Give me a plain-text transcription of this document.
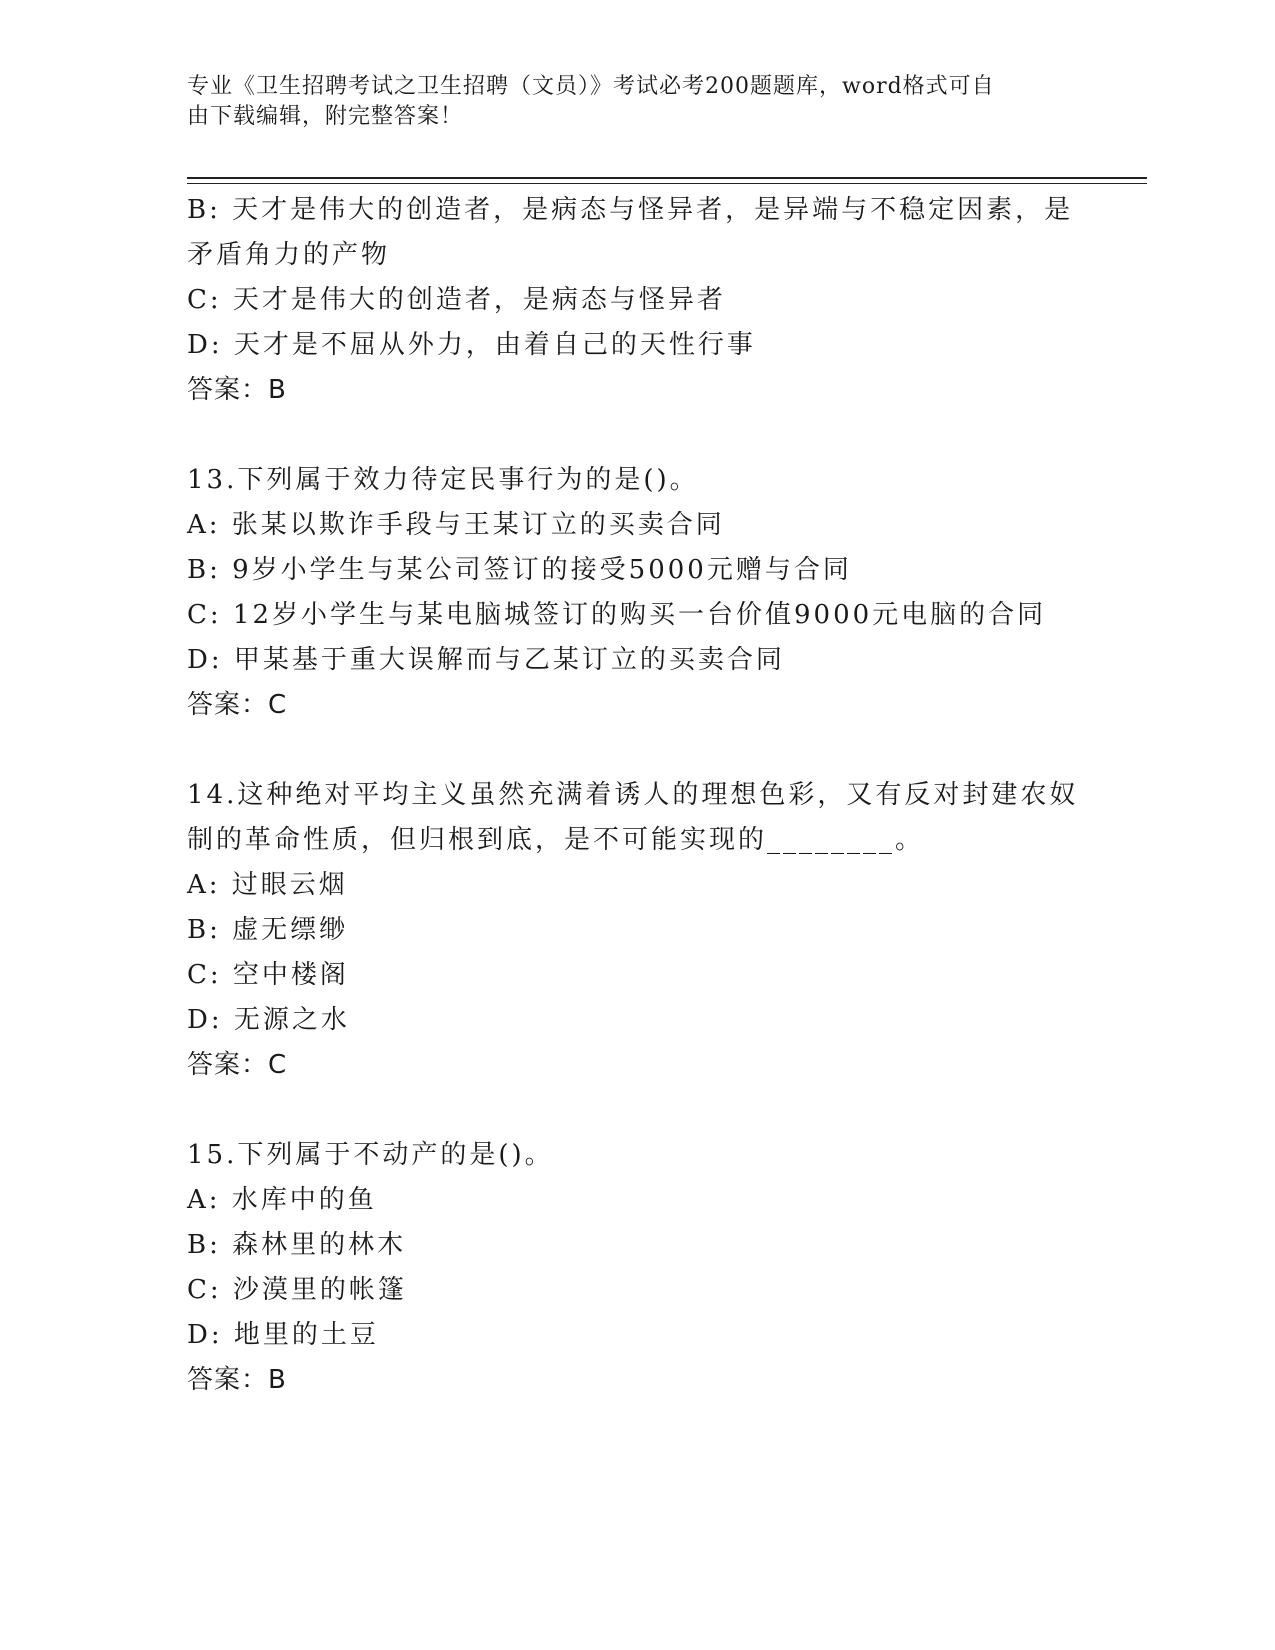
专业《卫生招聘考试之卫生招聘（文员）》考试必考200题题库，word格式可自
由下载编辑，附完整答案！
B: 天才是伟大的创造者，是病态与怪异者，是异端与不稳定因素，是
矛盾角力的产物
C: 天才是伟大的创造者，是病态与怪异者
D: 天才是不屈从外力，由着自己的天性行事
答案：B
13.下列属于效力待定民事行为的是()。
A: 张某以欺诈手段与王某订立的买卖合同
B: 9岁小学生与某公司签订的接受5000元赠与合同
C: 12岁小学生与某电脑城签订的购买一台价值9000元电脑的合同
D: 甲某基于重大误解而与乙某订立的买卖合同
答案：C
14.这种绝对平均主义虽然充满着诱人的理想色彩，又有反对封建农奴
制的革命性质，但归根到底，是不可能实现的________。
A: 过眼云烟
B: 虚无缥缈
C: 空中楼阁
D: 无源之水
答案：C
15.下列属于不动产的是()。
A: 水库中的鱼
B: 森林里的林木
C: 沙漠里的帐篷
D: 地里的土豆
答案：B
